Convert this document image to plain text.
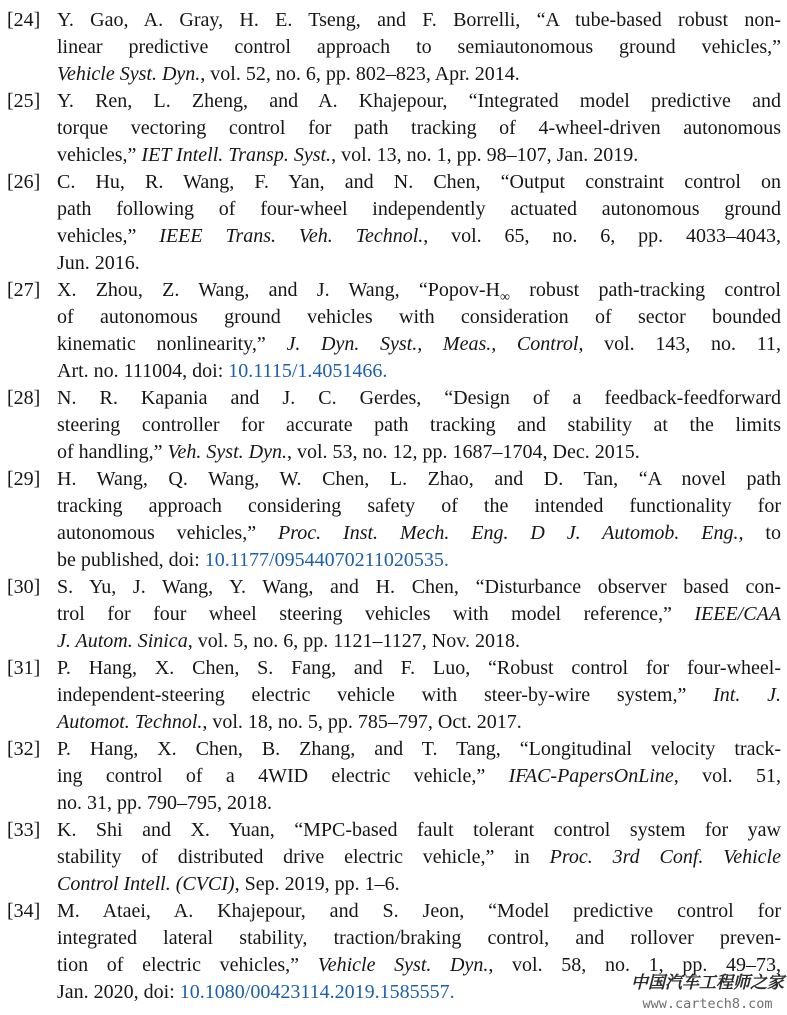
[24] Y. Gao, A. Gray, H. E. Tseng, and F. Borrelli, “A tube-based robust non-
linear predictive control approach to semiautonomous ground vehicles,”
Vehicle Syst. Dyn., vol. 52, no. 6, pp. 802–823, Apr. 2014.
[25] Y. Ren, L. Zheng, and A. Khajepour, “Integrated model predictive and
torque vectoring control for path tracking of 4-wheel-driven autonomous
vehicles,” IET Intell. Transp. Syst., vol. 13, no. 1, pp. 98–107, Jan. 2019.
[26] C. Hu, R. Wang, F. Yan, and N. Chen, “Output constraint control on
path following of four-wheel independently actuated autonomous ground
vehicles,” IEEE Trans. Veh. Technol., vol. 65, no. 6, pp. 4033–4043,
Jun. 2016.
[27] X. Zhou, Z. Wang, and J. Wang, “$Popov-H_\infty$ robust path-tracking control
of autonomous ground vehicles with consideration of sector bounded
kinematic nonlinearity,” J. Dyn. Syst., Meas., Control, vol. 143, no. 11,
Art. no. 111004, doi: 10.1115/1.4051466.
[28] N. R. Kapania and J. C. Gerdes, “Design of a feedback-feedforward
steering controller for accurate path tracking and stability at the limits
of handling,” Veh. Syst. Dyn., vol. 53, no. 12, pp. 1687–1704, Dec. 2015.
[29] H. Wang, Q. Wang, W. Chen, L. Zhao, and D. Tan, “A novel path
tracking approach considering safety of the intended functionality for
autonomous vehicles,” Proc. Inst. Mech. Eng. D J. Automob. Eng., to
be published, doi: 10.1177/09544070211020535.
[30] S. Yu, J. Wang, Y. Wang, and H. Chen, “Disturbance observer based con-
trol for four wheel steering vehicles with model reference,” IEEE/CAA
J. Autom. Sinica, vol. 5, no. 6, pp. 1121–1127, Nov. 2018.
[31] P. Hang, X. Chen, S. Fang, and F. Luo, “Robust control for four-wheel-
independent-steering electric vehicle with steer-by-wire system,” Int. J.
Automot. Technol., vol. 18, no. 5, pp. 785–797, Oct. 2017.
[32] P. Hang, X. Chen, B. Zhang, and T. Tang, “Longitudinal velocity track-
ing control of a 4WID electric vehicle,” IFAC-PapersOnLine, vol. 51,
no. 31, pp. 790–795, 2018.
[33] K. Shi and X. Yuan, “MPC-based fault tolerant control system for yaw
stability of distributed drive electric vehicle,” in Proc. 3rd Conf. Vehicle
Control Intell. (CVCI), Sep. 2019, pp. 1–6.
[34] M. Ataei, A. Khajepour, and S. Jeon, “Model predictive control for
integrated lateral stability, traction/braking control, and rollover preven-
tion of electric vehicles,” Vehicle Syst. Dyn., vol. 58, no. 1, pp. 49–73,
Jan. 2020, doi: 10.1080/00423114.2019.1585557.	中国汽车工程师之家
www.cartech8.com
